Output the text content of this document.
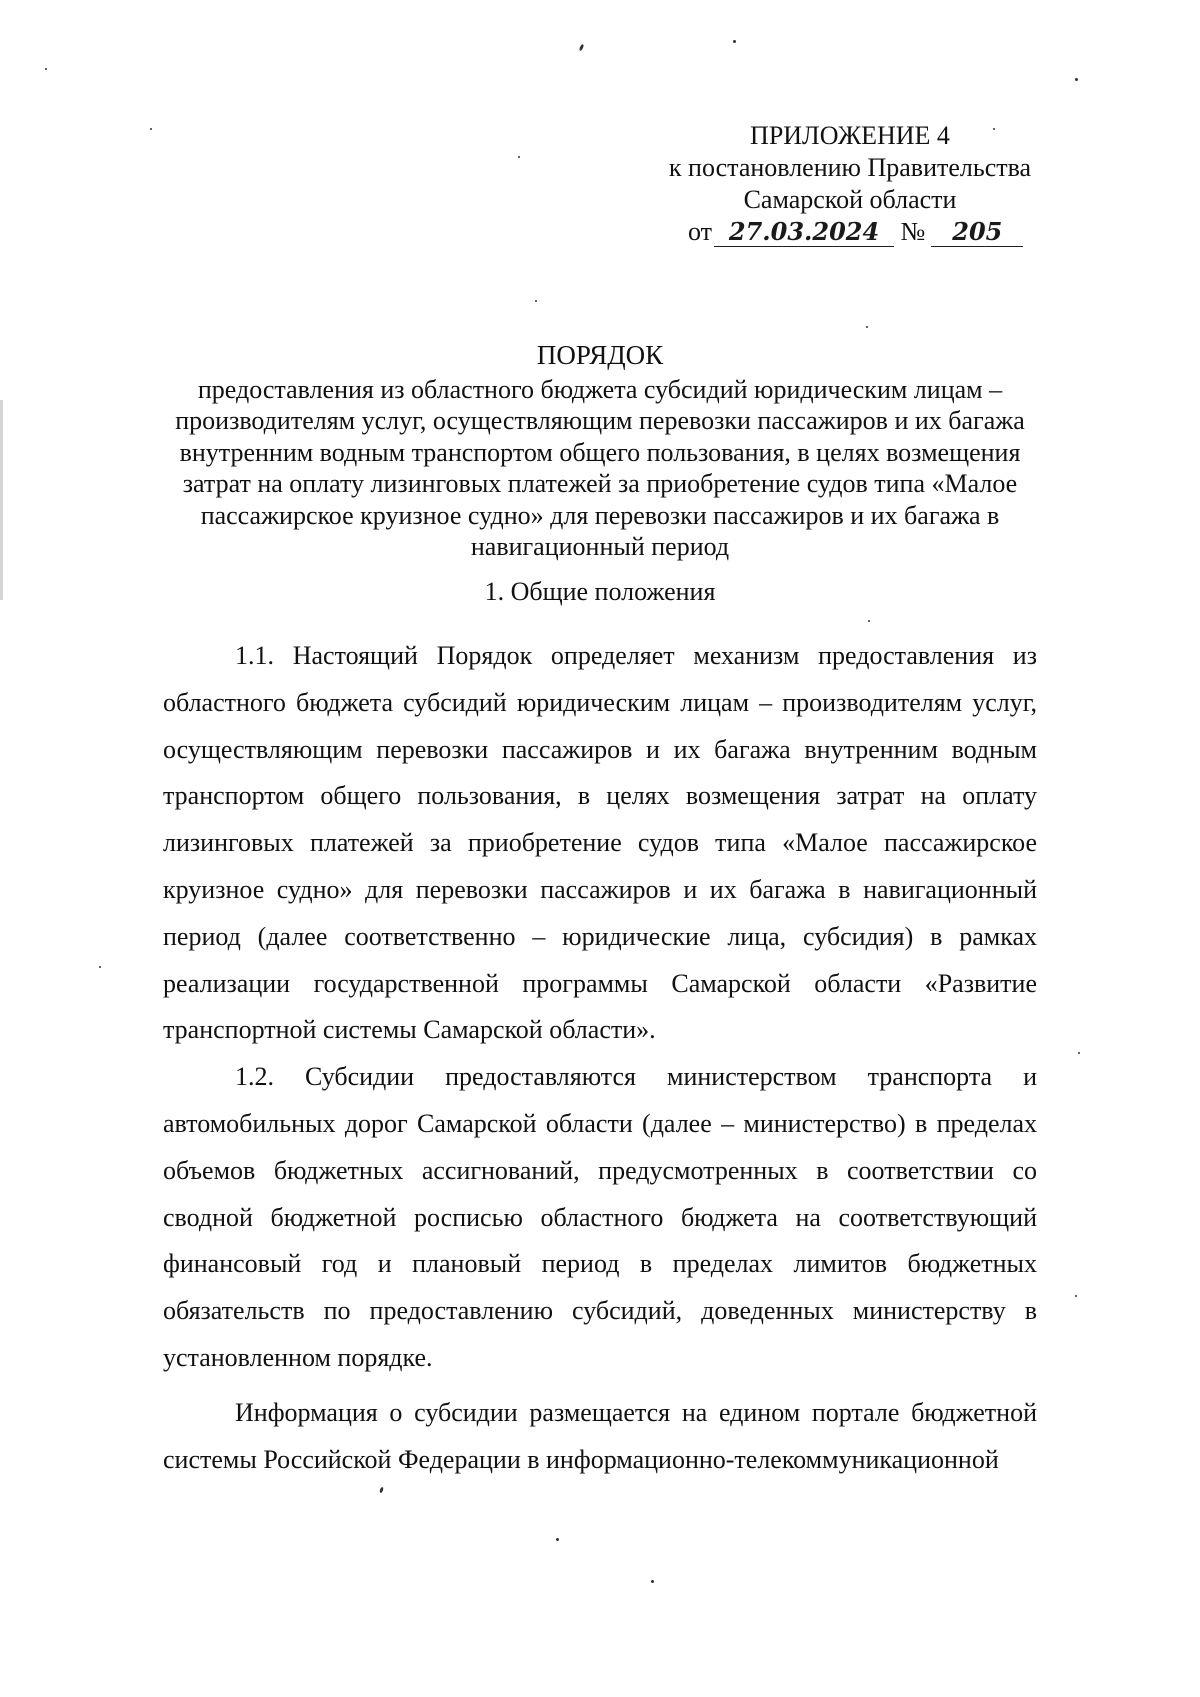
ПРИЛОЖЕНИЕ 4
к постановлению Правительства
Самарской области
от 27.03.2024 № 205
ПОРЯДОК
предоставления из областного бюджета субсидий юридическим лицам –
производителям услуг, осуществляющим перевозки пассажиров и их багажа
внутренним водным транспортом общего пользования, в целях возмещения
затрат на оплату лизинговых платежей за приобретение судов типа «Малое
пассажирское круизное судно» для перевозки пассажиров и их багажа в
навигационный период
1. Общие положения

1.1. Настоящий Порядок определяет механизм предоставления из областного бюджета субсидий юридическим лицам – производителям услуг, осуществляющим перевозки пассажиров и их багажа внутренним водным транспортом общего пользования, в целях возмещения затрат на оплату лизинговых платежей за приобретение судов типа «Малое пассажирское круизное судно» для перевозки пассажиров и их багажа в навигационный период (далее соответственно – юридические лица, субсидия) в рамках реализации государственной программы Самарской области «Развитие транспортной системы Самарской области».

1.2. Субсидии предоставляются министерством транспорта и автомобильных дорог Самарской области (далее – министерство) в пределах объемов бюджетных ассигнований, предусмотренных в соответствии со сводной бюджетной росписью областного бюджета на соответствующий финансовый год и плановый период в пределах лимитов бюджетных обязательств по предоставлению субсидий, доведенных министерству в установленном порядке.

Информация о субсидии размещается на едином портале бюджетной системы Российской Федерации в информационно-телекоммуникационной
